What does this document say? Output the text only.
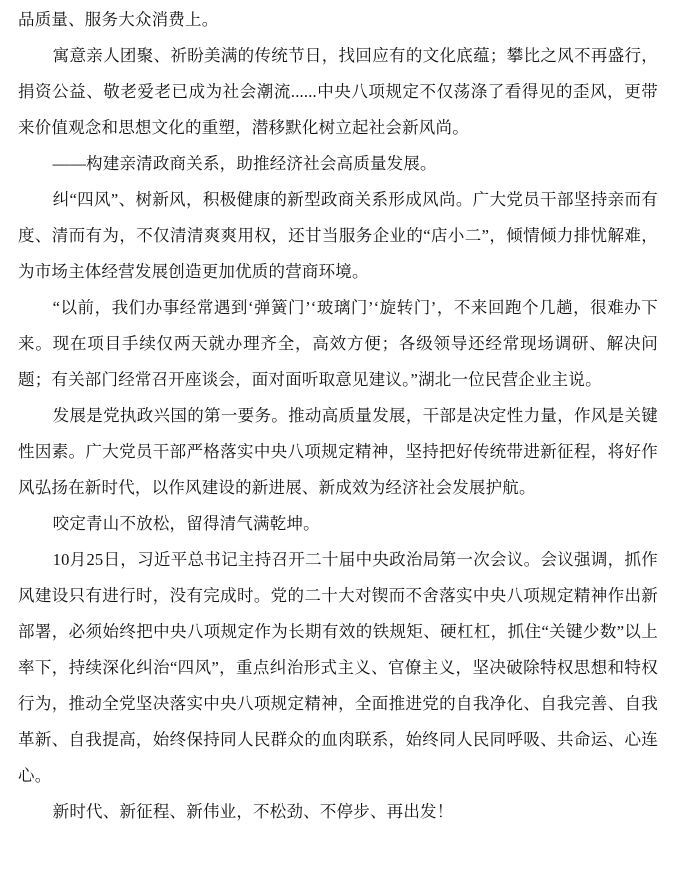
品质量、服务大众消费上。

寓意亲人团聚、祈盼美满的传统节日，找回应有的文化底蕴；攀比之风不再盛行，捐资公益、敬老爱老已成为社会潮流......中央八项规定不仅荡涤了看得见的歪风，更带来价值观念和思想文化的重塑，潜移默化树立起社会新风尚。

——构建亲清政商关系，助推经济社会高质量发展。

纠“四风”、树新风，积极健康的新型政商关系形成风尚。广大党员干部坚持亲而有度、清而有为，不仅清清爽爽用权，还甘当服务企业的“店小二”，倾情倾力排忧解难，为市场主体经营发展创造更加优质的营商环境。

“以前，我们办事经常遇到‘弹簧门’‘玻璃门’‘旋转门’，不来回跑个几趟，很难办下来。现在项目手续仅两天就办理齐全，高效方便；各级领导还经常现场调研、解决问题；有关部门经常召开座谈会，面对面听取意见建议。”湖北一位民营企业主说。

发展是党执政兴国的第一要务。推动高质量发展，干部是决定性力量，作风是关键性因素。广大党员干部严格落实中央八项规定精神，坚持把好传统带进新征程，将好作风弘扬在新时代，以作风建设的新进展、新成效为经济社会发展护航。

咬定青山不放松，留得清气满乾坤。

10月25日，习近平总书记主持召开二十届中央政治局第一次会议。会议强调，抓作风建设只有进行时，没有完成时。党的二十大对锲而不舍落实中央八项规定精神作出新部署，必须始终把中央八项规定作为长期有效的铁规矩、硬杠杠，抓住“关键少数”以上率下，持续深化纠治“四风”，重点纠治形式主义、官僚主义，坚决破除特权思想和特权行为，推动全党坚决落实中央八项规定精神，全面推进党的自我净化、自我完善、自我革新、自我提高，始终保持同人民群众的血肉联系，始终同人民同呼吸、共命运、心连心。

新时代、新征程、新伟业，不松劲、不停步、再出发！
